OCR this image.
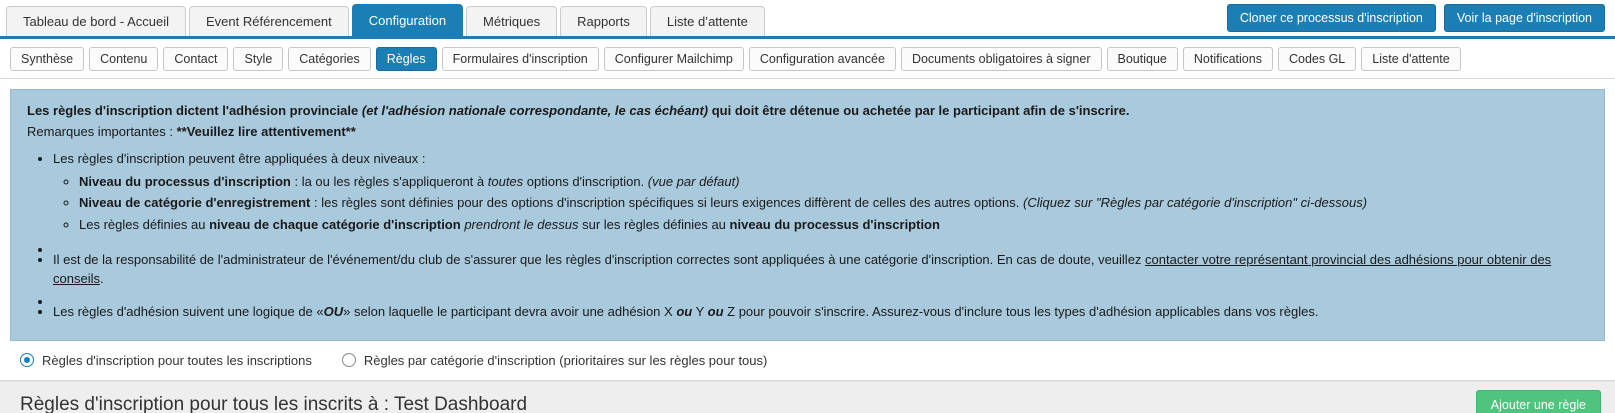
Tableau de bord - Accueil	Event Référencement	Configuration	Métriques	Rapports	Liste d’attente	Cloner ce processus d'inscription	Voir la page d'inscription
Synthèse	Contenu	Contact	Style	Catégories	Règles	Formulaires d'inscription	Configurer Mailchimp	Configuration avancée	Documents obligatoires à signer	Boutique	Notifications	Codes GL	Liste d'attente

Les règles d'inscription dictent l'adhésion provinciale (et l'adhésion nationale correspondante, le cas échéant) qui doit être détenue ou achetée par le participant afin de s'inscrire.

Remarques importantes : **Veuillez lire attentivement**

• Les règles d'inscription peuvent être appliquées à deux niveaux :
◦ Niveau du processus d'inscription : la ou les règles s'appliqueront à toutes options d'inscription. (vue par défaut)
◦ Niveau de catégorie d'enregistrement : les règles sont définies pour des options d'inscription spécifiques si leurs exigences diffèrent de celles des autres options. (Cliquez sur "Règles par catégorie d'inscription" ci-dessous)
◦ Les règles définies au niveau de chaque catégorie d'inscription prendront le dessus sur les règles définies au niveau du processus d'inscription
•
• Il est de la responsabilité de l'administrateur de l'événement/du club de s'assurer que les règles d'inscription correctes sont appliquées à une catégorie d'inscription. En cas de doute, veuillez contacter votre représentant provincial des adhésions pour obtenir des conseils.
•
• Les règles d'adhésion suivent une logique de «OU» selon laquelle le participant devra avoir une adhésion X ou Y ou Z pour pouvoir s'inscrire. Assurez-vous d'inclure tous les types d'adhésion applicables dans vos règles.
Règles d'inscription pour toutes les inscriptions	Règles par catégorie d'inscription (prioritaires sur les règles pour tous)
Règles d'inscription pour tous les inscrits à : Test Dashboard	Ajouter une règle
